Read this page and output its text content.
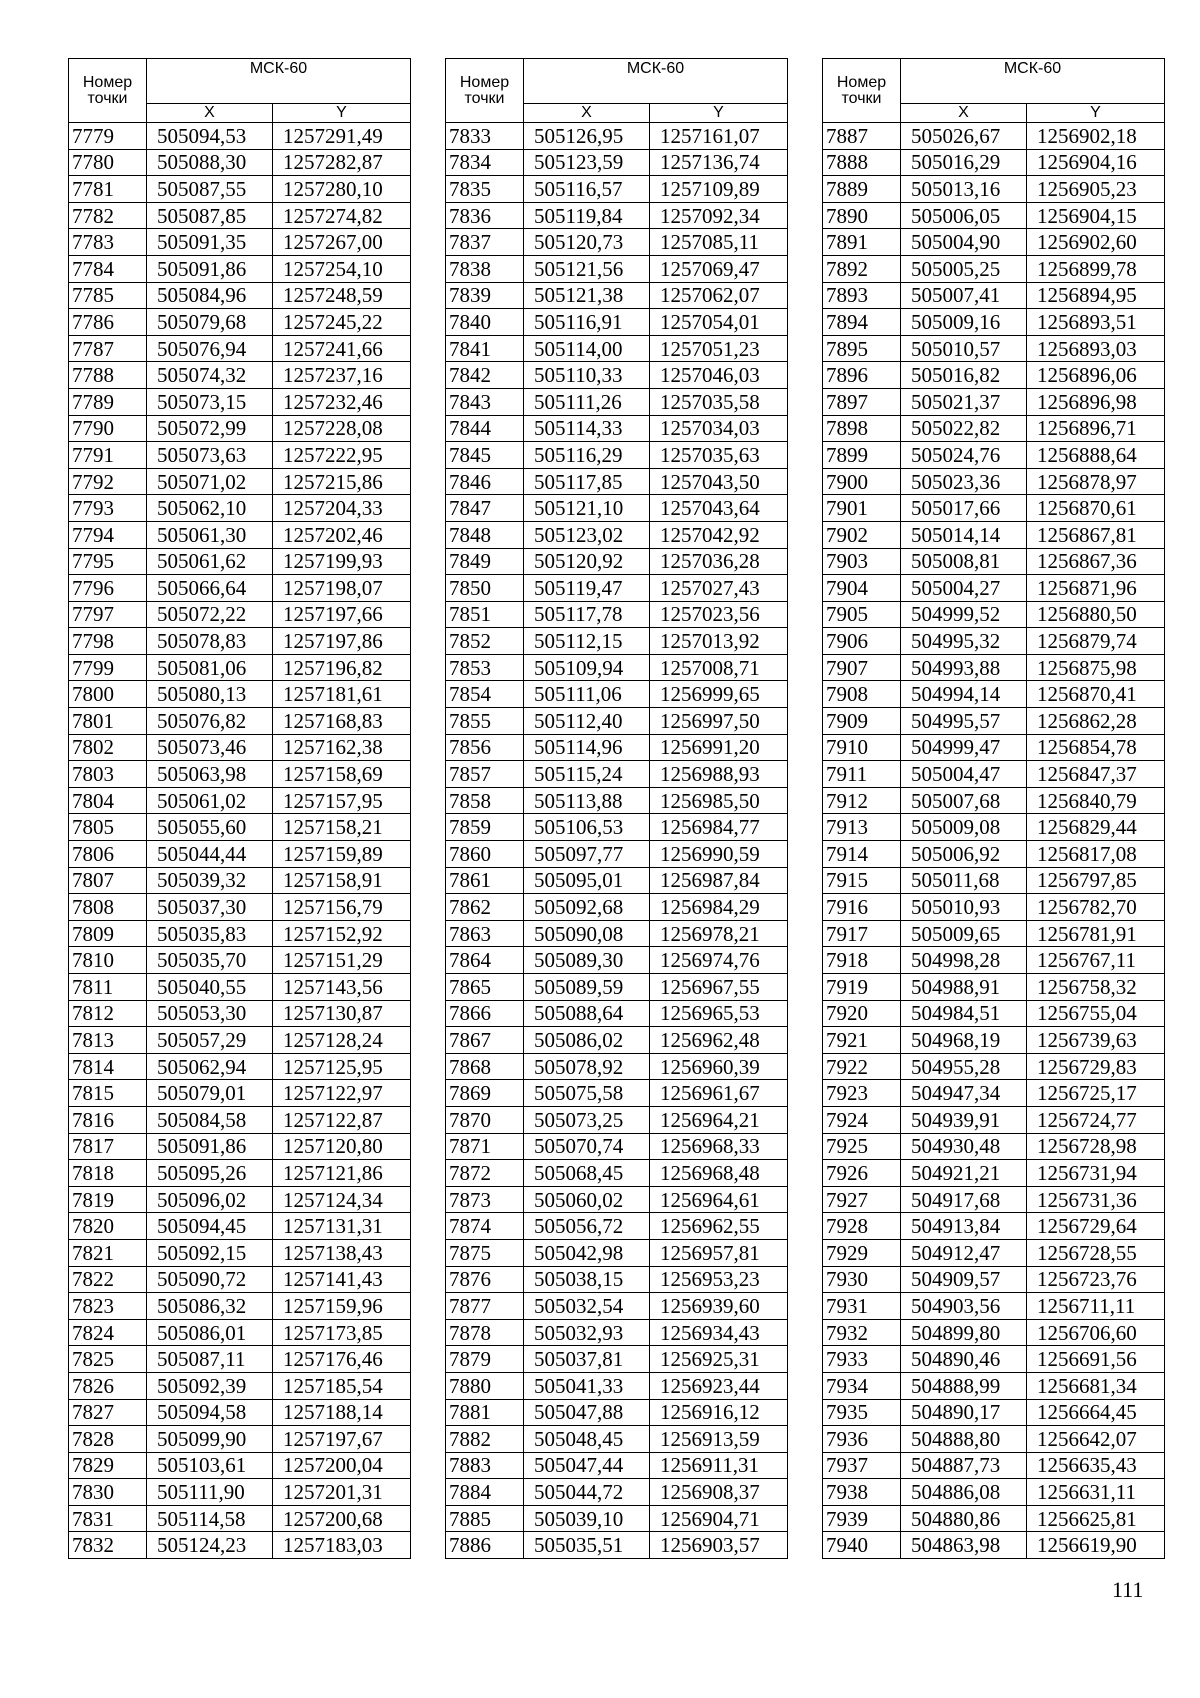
Номер точки	МСК-60	
	X	Y
7779	505094,53	1257291,49
7780	505088,30	1257282,87
7781	505087,55	1257280,10
7782	505087,85	1257274,82
7783	505091,35	1257267,00
7784	505091,86	1257254,10
7785	505084,96	1257248,59
7786	505079,68	1257245,22
7787	505076,94	1257241,66
7788	505074,32	1257237,16
7789	505073,15	1257232,46
7790	505072,99	1257228,08
7791	505073,63	1257222,95
7792	505071,02	1257215,86
7793	505062,10	1257204,33
7794	505061,30	1257202,46
7795	505061,62	1257199,93
7796	505066,64	1257198,07
7797	505072,22	1257197,66
7798	505078,83	1257197,86
7799	505081,06	1257196,82
7800	505080,13	1257181,61
7801	505076,82	1257168,83
7802	505073,46	1257162,38
7803	505063,98	1257158,69
7804	505061,02	1257157,95
7805	505055,60	1257158,21
7806	505044,44	1257159,89
7807	505039,32	1257158,91
7808	505037,30	1257156,79
7809	505035,83	1257152,92
7810	505035,70	1257151,29
7811	505040,55	1257143,56
7812	505053,30	1257130,87
7813	505057,29	1257128,24
7814	505062,94	1257125,95
7815	505079,01	1257122,97
7816	505084,58	1257122,87
7817	505091,86	1257120,80
7818	505095,26	1257121,86
7819	505096,02	1257124,34
7820	505094,45	1257131,31
7821	505092,15	1257138,43
7822	505090,72	1257141,43
7823	505086,32	1257159,96
7824	505086,01	1257173,85
7825	505087,11	1257176,46
7826	505092,39	1257185,54
7827	505094,58	1257188,14
7828	505099,90	1257197,67
7829	505103,61	1257200,04
7830	505111,90	1257201,31
7831	505114,58	1257200,68
7832	505124,23	1257183,03
Номер точки	МСК-60	
	X	Y
7833	505126,95	1257161,07
7834	505123,59	1257136,74
7835	505116,57	1257109,89
7836	505119,84	1257092,34
7837	505120,73	1257085,11
7838	505121,56	1257069,47
7839	505121,38	1257062,07
7840	505116,91	1257054,01
7841	505114,00	1257051,23
7842	505110,33	1257046,03
7843	505111,26	1257035,58
7844	505114,33	1257034,03
7845	505116,29	1257035,63
7846	505117,85	1257043,50
7847	505121,10	1257043,64
7848	505123,02	1257042,92
7849	505120,92	1257036,28
7850	505119,47	1257027,43
7851	505117,78	1257023,56
7852	505112,15	1257013,92
7853	505109,94	1257008,71
7854	505111,06	1256999,65
7855	505112,40	1256997,50
7856	505114,96	1256991,20
7857	505115,24	1256988,93
7858	505113,88	1256985,50
7859	505106,53	1256984,77
7860	505097,77	1256990,59
7861	505095,01	1256987,84
7862	505092,68	1256984,29
7863	505090,08	1256978,21
7864	505089,30	1256974,76
7865	505089,59	1256967,55
7866	505088,64	1256965,53
7867	505086,02	1256962,48
7868	505078,92	1256960,39
7869	505075,58	1256961,67
7870	505073,25	1256964,21
7871	505070,74	1256968,33
7872	505068,45	1256968,48
7873	505060,02	1256964,61
7874	505056,72	1256962,55
7875	505042,98	1256957,81
7876	505038,15	1256953,23
7877	505032,54	1256939,60
7878	505032,93	1256934,43
7879	505037,81	1256925,31
7880	505041,33	1256923,44
7881	505047,88	1256916,12
7882	505048,45	1256913,59
7883	505047,44	1256911,31
7884	505044,72	1256908,37
7885	505039,10	1256904,71
7886	505035,51	1256903,57
Номер точки	МСК-60	
	X	Y
7887	505026,67	1256902,18
7888	505016,29	1256904,16
7889	505013,16	1256905,23
7890	505006,05	1256904,15
7891	505004,90	1256902,60
7892	505005,25	1256899,78
7893	505007,41	1256894,95
7894	505009,16	1256893,51
7895	505010,57	1256893,03
7896	505016,82	1256896,06
7897	505021,37	1256896,98
7898	505022,82	1256896,71
7899	505024,76	1256888,64
7900	505023,36	1256878,97
7901	505017,66	1256870,61
7902	505014,14	1256867,81
7903	505008,81	1256867,36
7904	505004,27	1256871,96
7905	504999,52	1256880,50
7906	504995,32	1256879,74
7907	504993,88	1256875,98
7908	504994,14	1256870,41
7909	504995,57	1256862,28
7910	504999,47	1256854,78
7911	505004,47	1256847,37
7912	505007,68	1256840,79
7913	505009,08	1256829,44
7914	505006,92	1256817,08
7915	505011,68	1256797,85
7916	505010,93	1256782,70
7917	505009,65	1256781,91
7918	504998,28	1256767,11
7919	504988,91	1256758,32
7920	504984,51	1256755,04
7921	504968,19	1256739,63
7922	504955,28	1256729,83
7923	504947,34	1256725,17
7924	504939,91	1256724,77
7925	504930,48	1256728,98
7926	504921,21	1256731,94
7927	504917,68	1256731,36
7928	504913,84	1256729,64
7929	504912,47	1256728,55
7930	504909,57	1256723,76
7931	504903,56	1256711,11
7932	504899,80	1256706,60
7933	504890,46	1256691,56
7934	504888,99	1256681,34
7935	504890,17	1256664,45
7936	504888,80	1256642,07
7937	504887,73	1256635,43
7938	504886,08	1256631,11
7939	504880,86	1256625,81
7940	504863,98	1256619,90
111
